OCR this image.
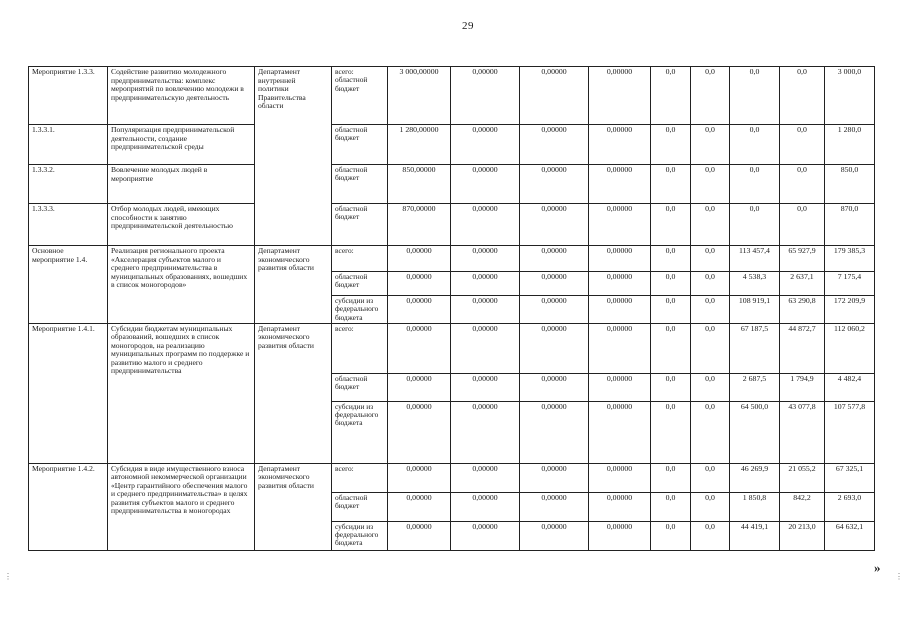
29
Мероприятие 1.3.3.	Содействие развитию молодежного предпринимательства: комплекс мероприятий по вовлечению молодежи в предпринимательскую деятельность	Департамент внутренней политики Правительства области	всего: областной бюджет	3 000,00000	0,00000	0,00000	0,00000	0,0	0,0	0,0	0,0	3 000,0
1.3.3.1.	Популяризация предпринимательской деятельности, создание предпринимательской среды		областной бюджет	1 280,00000	0,00000	0,00000	0,00000	0,0	0,0	0,0	0,0	1 280,0
1.3.3.2.	Вовлечение молодых людей в мероприятие		областной бюджет	850,00000	0,00000	0,00000	0,00000	0,0	0,0	0,0	0,0	850,0
1.3.3.3.	Отбор молодых людей, имеющих способности к занятию предпринимательской деятельностью		областной бюджет	870,00000	0,00000	0,00000	0,00000	0,0	0,0	0,0	0,0	870,0
Основное мероприятие 1.4.	Реализация регионального проекта «Акселерация субъектов малого и среднего предпринимательства в муниципальных образованиях, вошедших в список моногородов»	Департамент экономического развития области	всего:	0,00000	0,00000	0,00000	0,00000	0,0	0,0	113 457,4	65 927,9	179 385,3
			областной бюджет	0,00000	0,00000	0,00000	0,00000	0,0	0,0	4 538,3	2 637,1	7 175,4
			субсидии из федерального бюджета	0,00000	0,00000	0,00000	0,00000	0,0	0,0	108 919,1	63 290,8	172 209,9
Мероприятие 1.4.1.	Субсидии бюджетам муниципальных образований, вошедших в список моногородов, на реализацию муниципальных программ по поддержке и развитию малого и среднего предпринимательства	Департамент экономического развития области	всего:	0,00000	0,00000	0,00000	0,00000	0,0	0,0	67 187,5	44 872,7	112 060,2
			областной бюджет	0,00000	0,00000	0,00000	0,00000	0,0	0,0	2 687,5	1 794,9	4 482,4
			субсидии из федерального бюджета	0,00000	0,00000	0,00000	0,00000	0,0	0,0	64 500,0	43 077,8	107 577,8
Мероприятие 1.4.2.	Субсидия в виде имущественного взноса автономной некоммерческой организации «Центр гарантийного обеспечения малого и среднего предпринимательства» в целях развития субъектов малого и среднего предпринимательства в моногородах	Департамент экономического развития области	всего:	0,00000	0,00000	0,00000	0,00000	0,0	0,0	46 269,9	21 055,2	67 325,1
			областной бюджет	0,00000	0,00000	0,00000	0,00000	0,0	0,0	1 850,8	842,2	2 693,0
			субсидии из федерального бюджета	0,00000	0,00000	0,00000	0,00000	0,0	0,0	44 419,1	20 213,0	64 632,1
»
⋮	⋮
